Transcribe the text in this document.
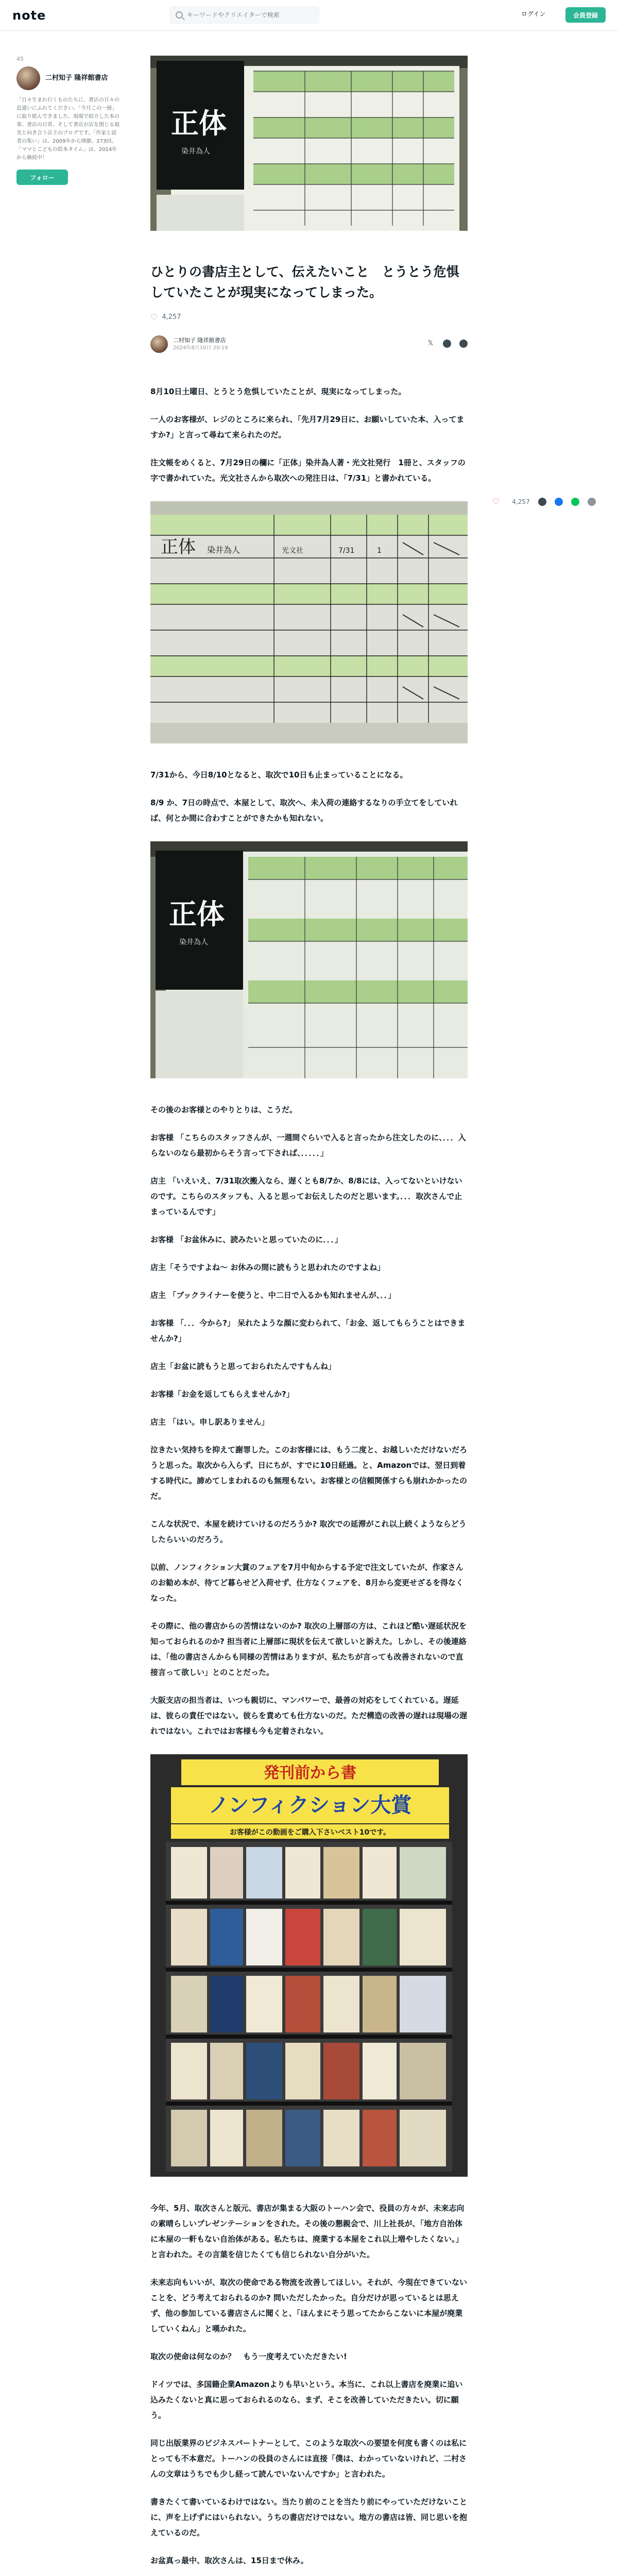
note
キーワードやクリエイターで検索	ログイン	会員登録
45
二村知子 隆祥館書店
「日々生まれ行くものたちに、書店の日々の息遣いにふれてください。「今月この一冊」に取り組んできました。現場で紹介した本の事、書店の日常、そして書店が店を閉じる現実と向き合う店主のブログです。「作家と読者の集い」は、2009年から開催、273回。「ママとこどもの絵本タイム」は、2014年から継続中！
フォロー
正体
染井為人
ひとりの書店主として、伝えたいこと　とうとう危惧していたことが現実になってしまった。
♡ 4,257
二村知子 隆祥館書店
2024年8月10日 20:19
𝕏

8月10日土曜日、とうとう危惧していたことが、現実になってしまった。

一人のお客様が、レジのところに来られ、「先月7月29日に、お願いしていた本、入ってますか?」と言って尋ねて来られたのだ。

注文帳をめくると、7月29日の欄に「正体」染井為人著・光文社発行　1冊と、スタッフの字で書かれていた。光文社さんから取次への発注日は、「7/31」と書かれている。

正体 染井為人	光文社	7/31	1

7/31から、今日8/10となると、取次で10日も止まっていることになる。

8/9 か、7日の時点で、本屋として、取次へ、未入荷の連絡するなりの手立てをしていれば、何とか間に合わすことができたかも知れない。

正体
染井為人

その後のお客様とのやりとりは、こうだ。

お客様 「こちらのスタッフさんが、一週間ぐらいで入ると言ったから注文したのに、．．．入らないのなら最初からそう言って下されば、．．．．．」

店主 「いえいえ、7/31取次搬入なら、遅くとも8/7か、8/8には、入ってないといけないのです。こちらのスタッフも、入ると思ってお伝えしたのだと思います。．．．取次さんで止まっているんです」

お客様 「お盆休みに、読みたいと思っていたのに．．．」

店主「そうですよね～ お休みの間に読もうと思われたのですよね」

店主 「ブックライナーを使うと、中二日で入るかも知れませんが、．．」

お客様 「．．．今から?」 呆れたような顔に変わられて、「お金、返してもらうことはできませんか?」

店主「お盆に読もうと思っておられたんですもんね」

お客様「お金を返してもらえませんか?」

店主 「はい。申し訳ありません」

泣きたい気持ちを抑えて謝罪した。このお客様には、もう二度と、お越しいただけないだろうと思った。取次から入らず、日にちが、すでに10日経過。と、Amazonでは、翌日到着する時代に。諦めてしまわれるのも無理もない。お客様との信頼関係すらも崩れかかったのだ。

こんな状況で、本屋を続けていけるのだろうか? 取次での延滞がこれ以上続くようならどうしたらいいのだろう。

以前、ノンフィクション大賞のフェアを7月中旬からする予定で注文していたが、作家さんのお勧め本が、待てど暮らせど入荷せず、仕方なくフェアを、8月から変更せざるを得なくなった。

その際に、他の書店からの苦情はないのか? 取次の上層部の方は、これほど酷い遅延状況を知っておられるのか? 担当者に上層部に現状を伝えて欲しいと訴えた。しかし、その後連絡は、「他の書店さんからも同様の苦情はありますが、私たちが言っても改善されないので直接言って欲しい」とのことだった。

大阪支店の担当者は、いつも親切に、マンパワーで、最善の対応をしてくれている。遅延は、彼らの責任ではない。彼らを責めても仕方ないのだ。ただ構造の改善の遅れは現場の遅れではない。これではお客様も今も定着されない。

発刊前から書
ノンフィクション大賞
お客様がこの動画をご購入下さいベスト10です。

今年、5月、取次さんと版元、書店が集まる大阪のトーハン会で、役員の方々が、未来志向の素晴らしいプレゼンテーションをされた。その後の懇親会で、川上社長が、「地方自治体に本屋の一軒もない自治体がある。私たちは、廃業する本屋をこれ以上増やしたくない。」と言われた。その言葉を信じたくても信じられない自分がいた。

未来志向もいいが、取次の使命である物流を改善してほしい。それが、今現在できていないことを、どう考えておられるのか? 問いただしたかった。自分だけが思っているとは思えず、他の参加している書店さんに聞くと、「ほんまにそう思ってたからこないに本屋が廃業していくねん」と嘆かれた。

取次の使命は何なのか？　もう一度考えていただきたい!

ドイツでは、多国籍企業Amazonよりも早いという。本当に、これ以上書店を廃業に追い込みたくないと真に思っておられるのなら、まず、そこを改善していただきたい。切に願う。

同じ出版業界のビジネスパートナーとして、このような取次への要望を何度も書くのは私にとっても不本意だ。トーハンの役員のさんには直接「僕は、わかっていないけれど、二村さんの文章はうちでも少し経って読んでいないんですか」と言われた。

書きたくて書いているわけではない。当たり前のことを当たり前にやっていただけないことに、声を上げずにはいられない。うちの書店だけではない。地方の書店は皆、同じ思いを抱えているのだ。

お盆真っ最中、取次さんは、15日まで休み。

♡ 4,257
